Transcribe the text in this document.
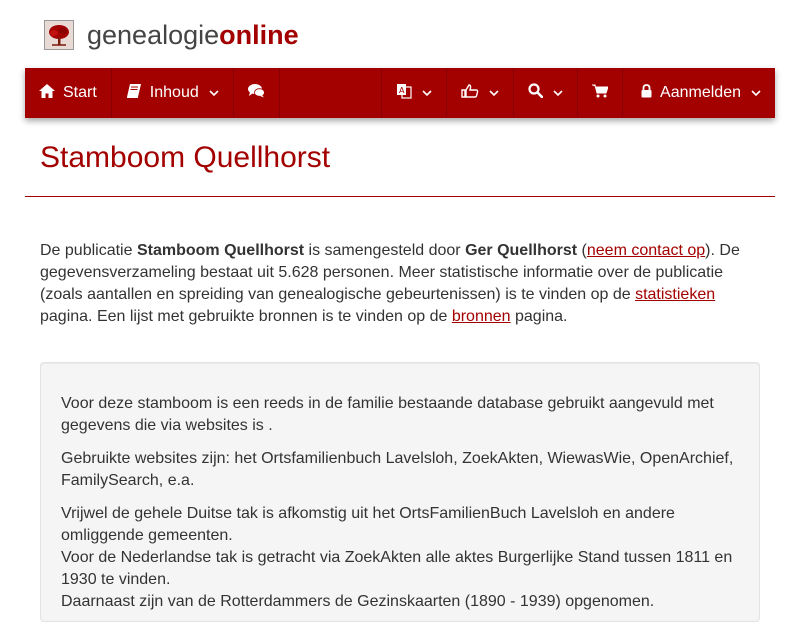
genealogieonline
Start	Inhoud	A	Aanmelden
Stamboom Quellhorst
De publicatie Stamboom Quellhorst is samengesteld door Ger Quellhorst (neem contact op). De gegevensverzameling bestaat uit 5.628 personen. Meer statistische informatie over de publicatie (zoals aantallen en spreiding van genealogische gebeurtenissen) is te vinden op de statistieken pagina. Een lijst met gebruikte bronnen is te vinden op de bronnen pagina.

Voor deze stamboom is een reeds in de familie bestaande database gebruikt aangevuld met gegevens die via websites is .

Gebruikte websites zijn: het Ortsfamilienbuch Lavelsloh, ZoekAkten, WiewasWie, OpenArchief, FamilySearch, e.a.

Vrijwel de gehele Duitse tak is afkomstig uit het OrtsFamilienBuch Lavelsloh en andere omliggende gemeenten.

Voor de Nederlandse tak is getracht via ZoekAkten alle aktes Burgerlijke Stand tussen 1811 en 1930 te vinden.

Daarnaast zijn van de Rotterdammers de Gezinskaarten (1890 - 1939) opgenomen.
